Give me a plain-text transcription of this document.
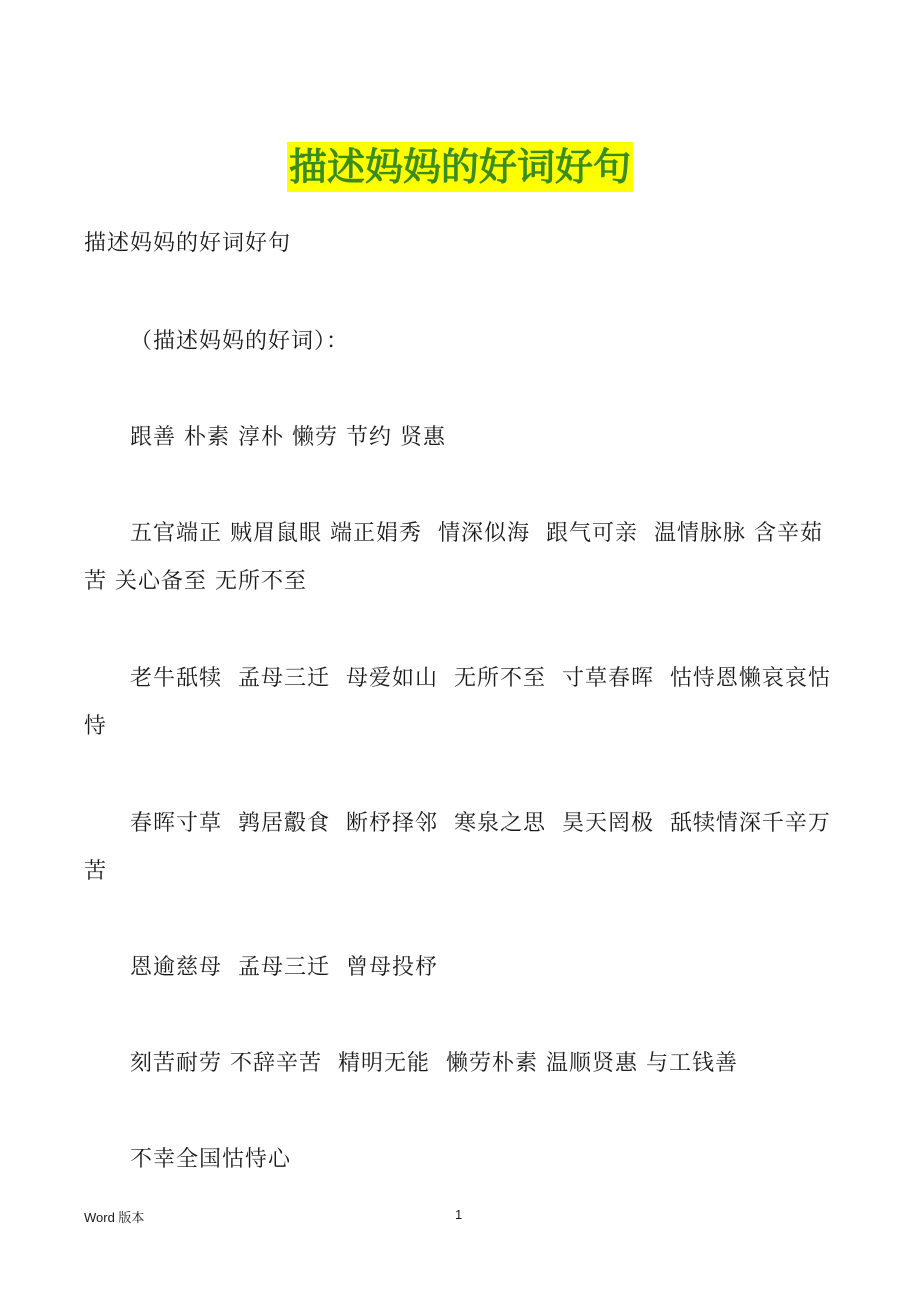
描述妈妈的好词好句
描述妈妈的好词好句
（描述妈妈的好词）：
跟善 朴素 淳朴 懒劳 节约 贤惠
五官端正 贼眉鼠眼 端正娟秀  情深似海  跟气可亲  温情脉脉 含辛茹苦 关心备至 无所不至
老牛舐犊  孟母三迁  母爱如山  无所不至  寸草春晖  怙恃恩懒哀哀怙恃
春晖寸草  鹑居鷇食  断杼择邻  寒泉之思  昊天罔极  舐犊情深千辛万苦
恩逾慈母  孟母三迁  曾母投杼
刻苦耐劳 不辞辛苦  精明无能  懒劳朴素 温顺贤惠 与工钱善
不幸全国怙恃心
Word 版本	1
